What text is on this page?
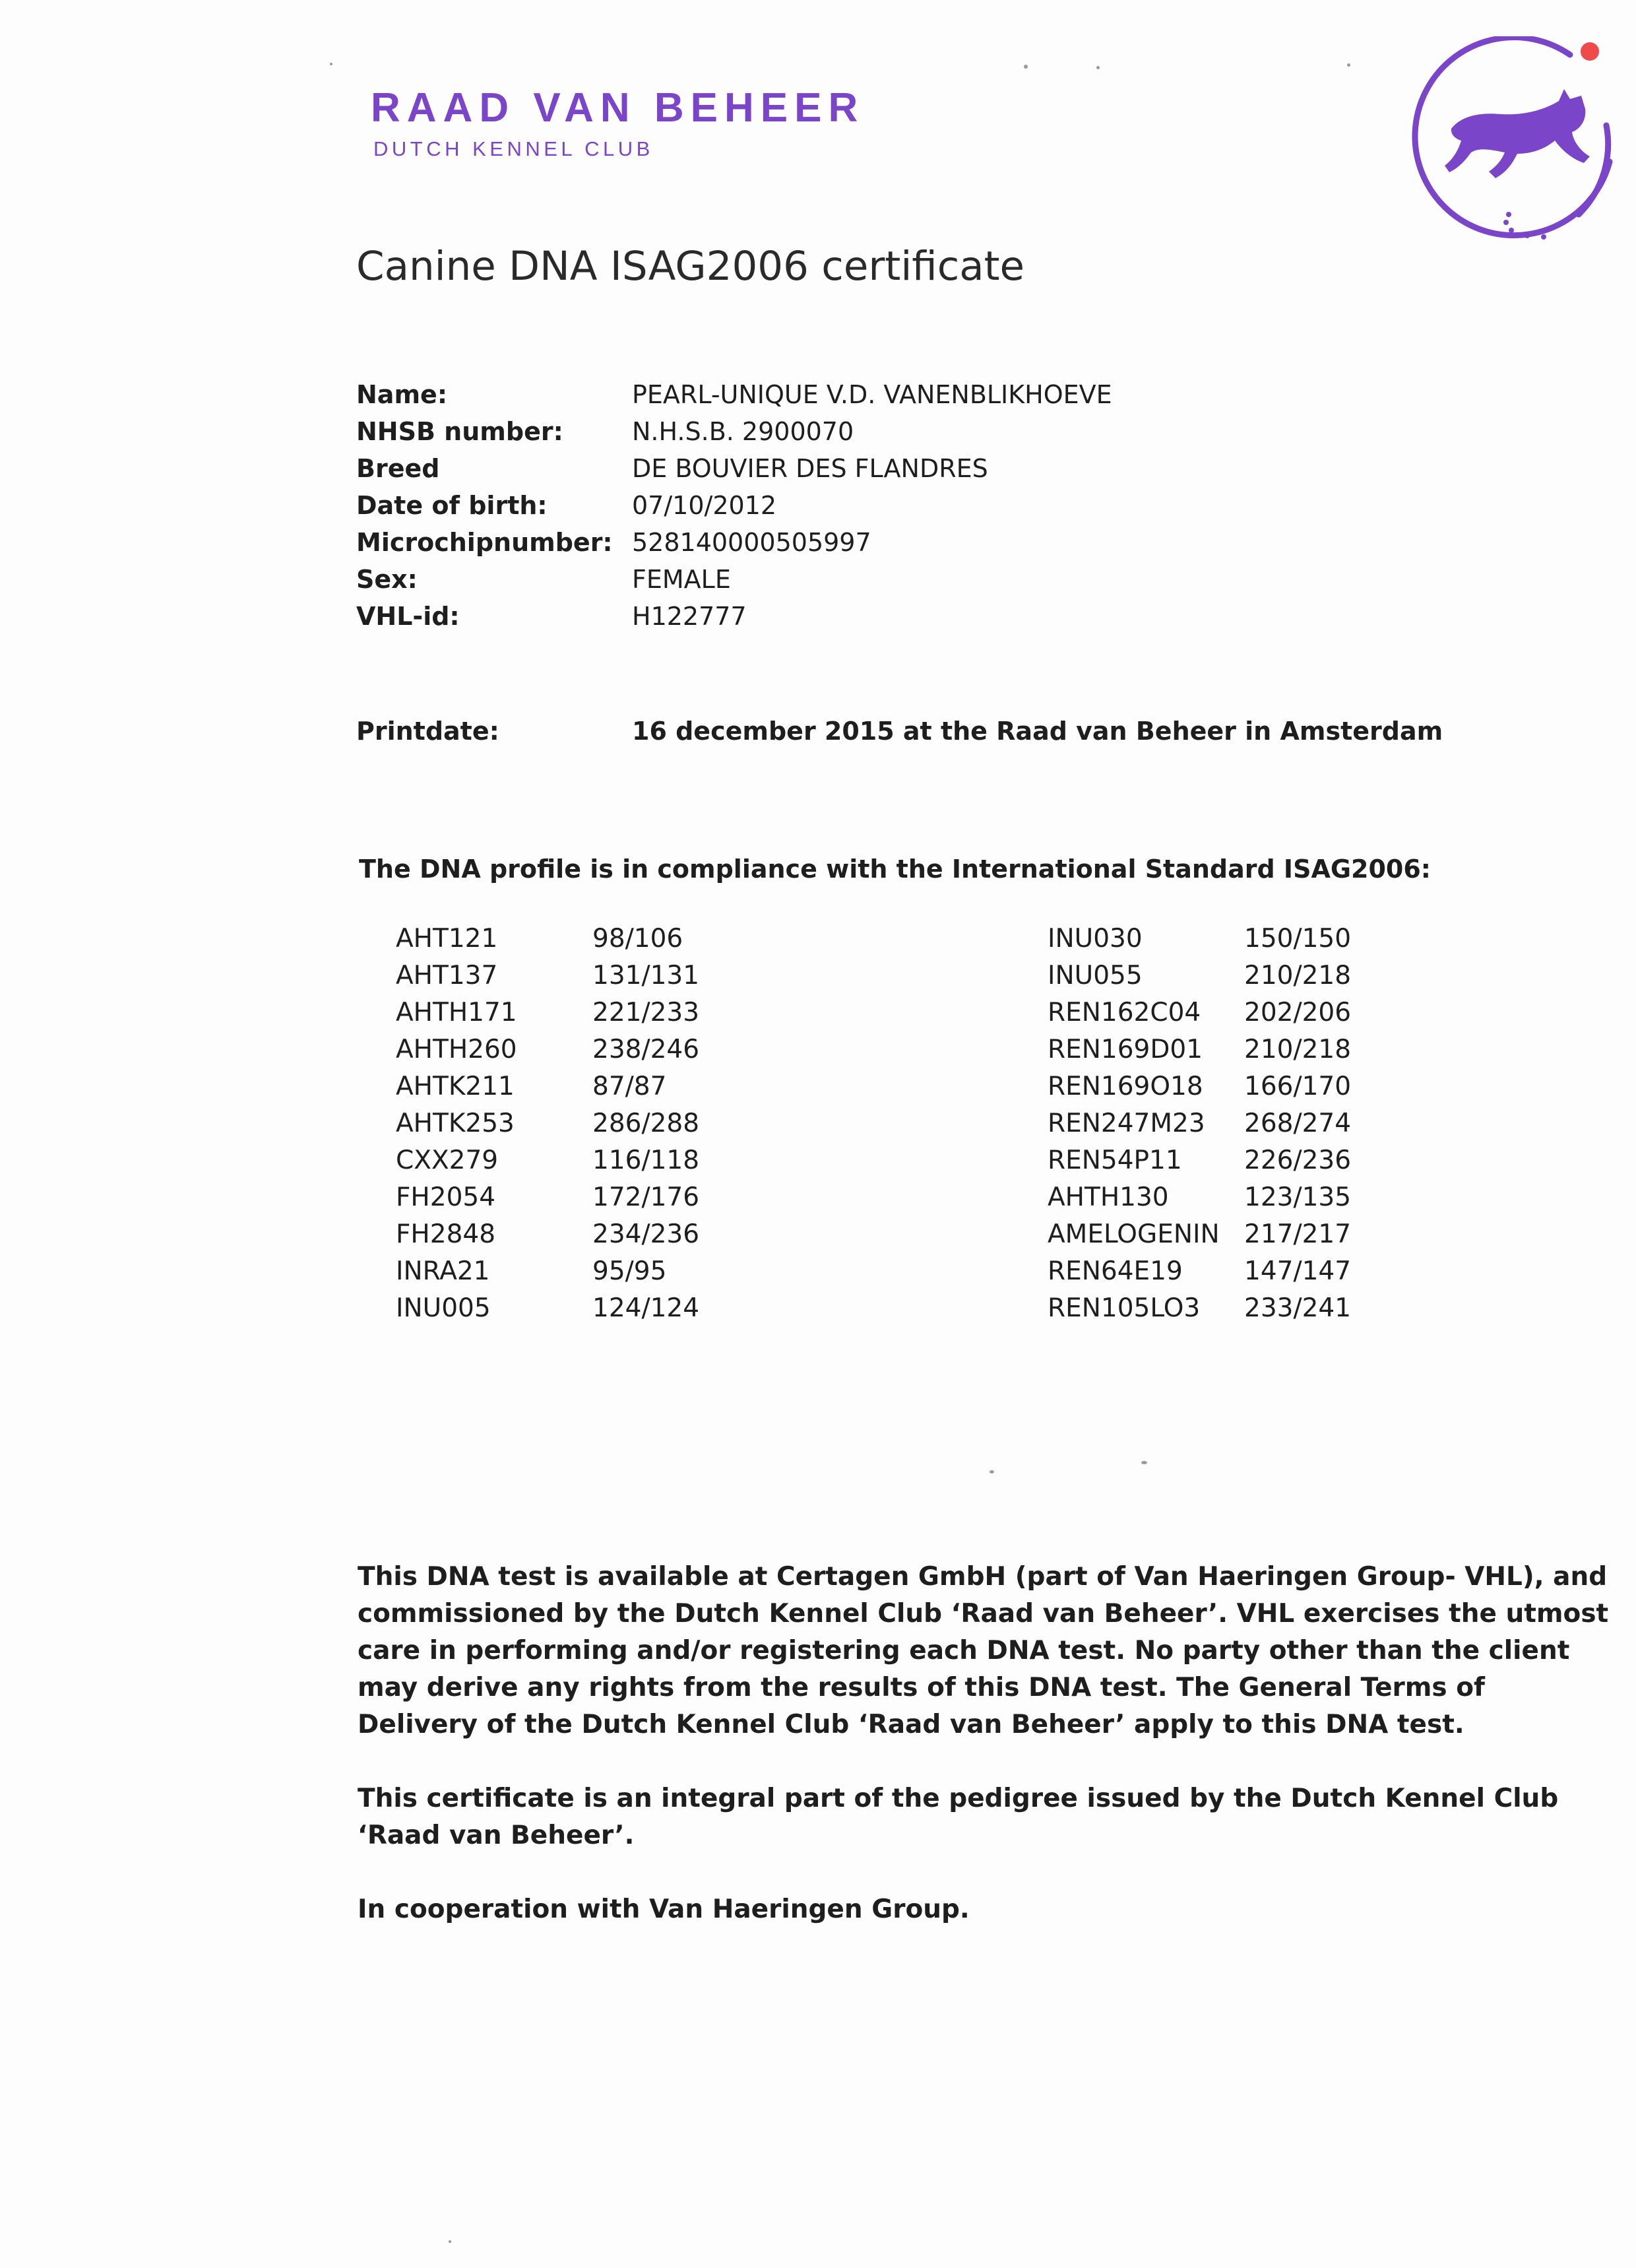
RAAD VAN BEHEER
DUTCH KENNEL CLUB
Canine DNA ISAG2006 certificate
Name:	PEARL-UNIQUE V.D. VANENBLIKHOEVE
NHSB number:	N.H.S.B. 2900070
Breed	DE BOUVIER DES FLANDRES
Date of birth:	07/10/2012
Microchipnumber: 528140000505997
Sex:	FEMALE
VHL-id:	H122777
Printdate:	16 december 2015 at the Raad van Beheer in Amsterdam
The DNA profile is in compliance with the International Standard ISAG2006:
AHT121	98/106
AHT137	131/131
AHTH171	221/233
AHTH260	238/246
AHTK211	87/87
AHTK253	286/288
CXX279	116/118
FH2054	172/176
FH2848	234/236
INRA21	95/95
INU005	124/124
INU030	150/150
INU055	210/218
REN162C04 202/206
REN169D01 210/218
REN169O18 166/170
REN247M23 268/274
REN54P11 226/236
AHTH130	123/135
AMELOGENIN 217/217
REN64E19 147/147
REN105LO3 233/241
This DNA test is available at Certagen GmbH (part of Van Haeringen Group- VHL), and commissioned by the Dutch Kennel Club ‘Raad van Beheer’. VHL exercises the utmost care in performing and/or registering each DNA test. No party other than the client may derive any rights from the results of this DNA test. The General Terms of Delivery of the Dutch Kennel Club ‘Raad van Beheer’ apply to this DNA test.
This certificate is an integral part of the pedigree issued by the Dutch Kennel Club ‘Raad van Beheer’.
In cooperation with Van Haeringen Group.
